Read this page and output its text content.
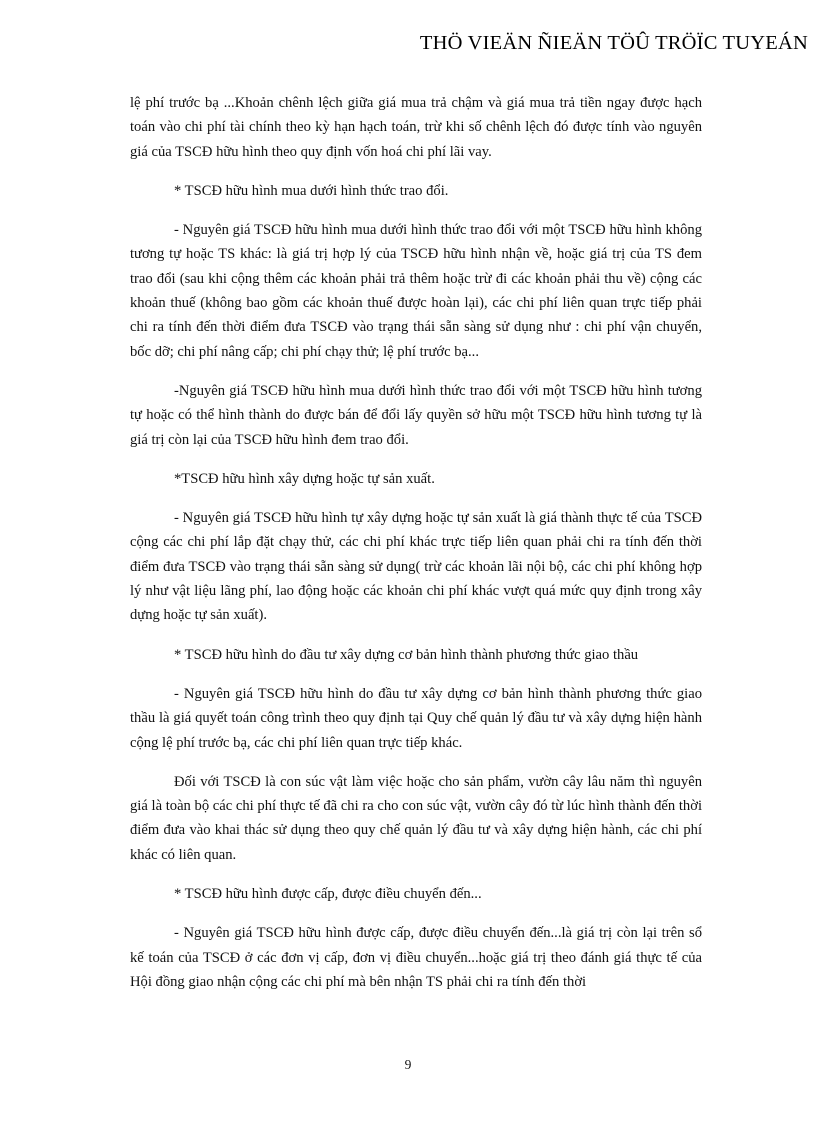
THÖ VIEÄN ÑIEÄN TÖÛ TRÖÏC TUYEÁN

lệ phí trước bạ ...Khoản chênh lệch giữa giá mua trả chậm và giá mua trả tiền ngay được hạch toán vào chi phí tài chính theo kỳ hạn hạch toán, trừ khi số chênh lệch đó được tính vào nguyên giá của TSCĐ hữu hình theo quy định vốn hoá chi phí lãi vay.

* TSCĐ hữu hình mua dưới hình thức trao đổi.

- Nguyên giá TSCĐ hữu hình mua dưới hình thức trao đổi với một TSCĐ hữu hình không tương tự hoặc TS khác: là giá trị hợp lý của TSCĐ hữu hình nhận về, hoặc giá trị của TS đem trao đổi (sau khi cộng thêm các khoản phải trả thêm hoặc trừ đi các khoản phải thu về) cộng các khoản thuế (không bao gồm các khoản thuế được hoàn lại), các chi phí liên quan trực tiếp phải chi ra tính đến thời điểm đưa TSCĐ vào trạng thái sẵn sàng sử dụng như : chi phí vận chuyển, bốc dỡ; chi phí nâng cấp; chi phí chạy thử; lệ phí trước bạ...

-Nguyên giá TSCĐ hữu hình mua dưới hình thức trao đổi với một TSCĐ hữu hình tương tự hoặc có thể hình thành do được bán để đổi lấy quyền sở hữu một TSCĐ hữu hình tương tự là giá trị còn lại của TSCĐ hữu hình đem trao đổi.

*TSCĐ hữu hình xây dựng hoặc tự sản xuất.

- Nguyên giá TSCĐ hữu hình tự xây dựng hoặc tự sản xuất là giá thành thực tế của TSCĐ cộng các chi phí lắp đặt chạy thử, các chi phí khác trực tiếp liên quan phải chi ra tính đến thời điểm đưa TSCĐ vào trạng thái sẵn sàng sử dụng( trừ các khoản lãi nội bộ, các chi phí không hợp lý như vật liệu lãng phí, lao động hoặc các khoản chi phí khác vượt quá mức quy định trong xây dựng hoặc tự sản xuất).

* TSCĐ hữu hình do đầu tư xây dựng cơ bản hình thành phương thức giao thầu

- Nguyên giá TSCĐ hữu hình do đầu tư xây dựng cơ bản hình thành phương thức giao thầu là giá quyết toán công trình theo quy định tại Quy chế quản lý đầu tư và xây dựng hiện hành cộng lệ phí trước bạ, các chi phí liên quan trực tiếp khác.

Đối với TSCĐ là con súc vật làm việc hoặc cho sản phẩm, vườn cây lâu năm thì nguyên giá là toàn bộ các chi phí thực tế đã chi ra cho con súc vật, vườn cây đó từ lúc hình thành đến thời điểm đưa vào khai thác sử dụng theo quy chế quản lý đầu tư và xây dựng hiện hành, các chi phí khác có liên quan.

* TSCĐ hữu hình được cấp, được điều chuyển đến...

- Nguyên giá TSCĐ hữu hình được cấp, được điều chuyển đến...là giá trị còn lại trên sổ kế toán của TSCĐ ở các đơn vị cấp, đơn vị điều chuyển...hoặc giá trị theo đánh giá thực tế của Hội đồng giao nhận cộng các chi phí mà bên nhận TS phải chi ra tính đến thời

9
